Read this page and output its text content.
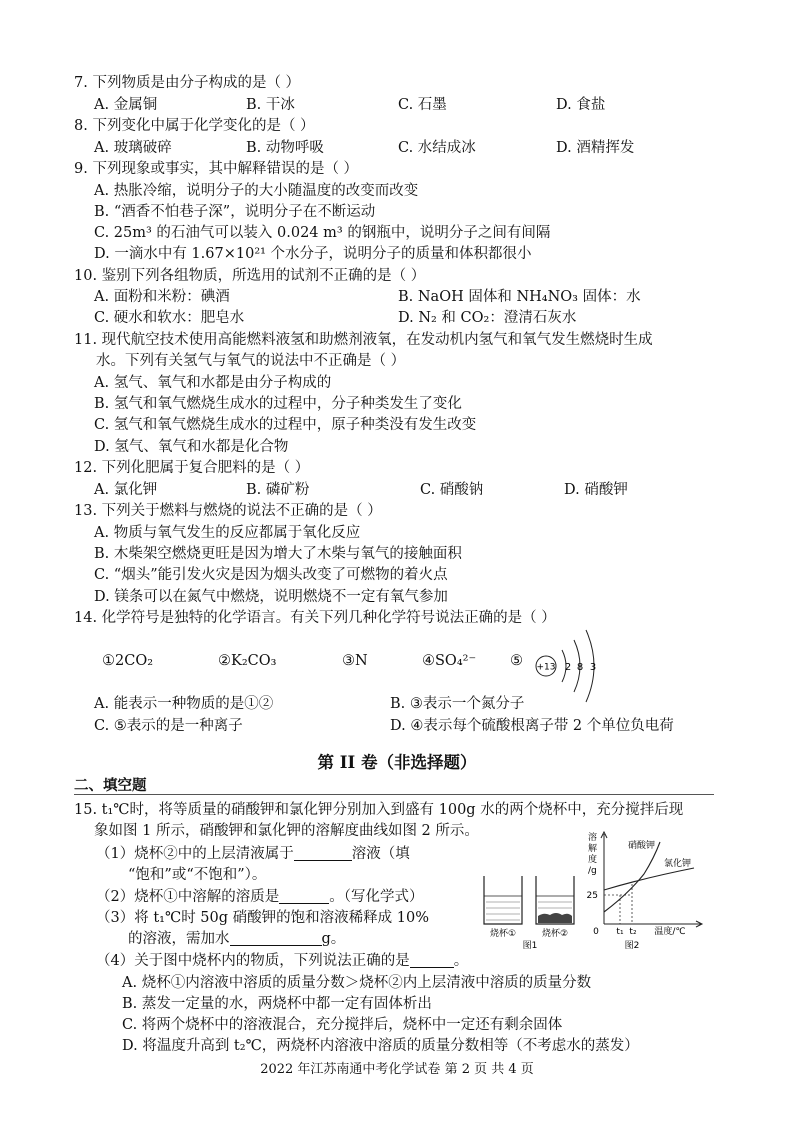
7. 下列物质是由分子构成的是（ ）
A. 金属铜	B. 干冰	C. 石墨	D. 食盐
8. 下列变化中属于化学变化的是（ ）
A. 玻璃破碎	B. 动物呼吸	C. 水结成冰	D. 酒精挥发
9. 下列现象或事实，其中解释错误的是（ ）
A. 热胀冷缩，说明分子的大小随温度的改变而改变
B. “酒香不怕巷子深”，说明分子在不断运动
C. 25m³ 的石油气可以装入 0.024 m³ 的钢瓶中，说明分子之间有间隔
D. 一滴水中有 1.67×10²¹ 个水分子，说明分子的质量和体积都很小
10. 鉴别下列各组物质，所选用的试剂不正确的是（ ）
A. 面粉和米粉：碘酒	B. NaOH 固体和 NH₄NO₃ 固体：水
C. 硬水和软水：肥皂水	D. N₂ 和 CO₂：澄清石灰水
11. 现代航空技术使用高能燃料液氢和助燃剂液氧，在发动机内氢气和氧气发生燃烧时生成
水。下列有关氢气与氧气的说法中不正确是（ ）
A. 氢气、氧气和水都是由分子构成的
B. 氢气和氧气燃烧生成水的过程中，分子种类发生了变化
C. 氢气和氧气燃烧生成水的过程中，原子种类没有发生改变
D. 氢气、氧气和水都是化合物
12. 下列化肥属于复合肥料的是（ ）
A. 氯化钾	B. 磷矿粉	C. 硝酸钠	D. 硝酸钾
13. 下列关于燃料与燃烧的说法不正确的是（ ）
A. 物质与氧气发生的反应都属于氧化反应
B. 木柴架空燃烧更旺是因为增大了木柴与氧气的接触面积
C. “烟头”能引发火灾是因为烟头改变了可燃物的着火点
D. 镁条可以在氮气中燃烧，说明燃烧不一定有氧气参加
14. 化学符号是独特的化学语言。有关下列几种化学符号说法正确的是（ ）
①2CO₂	②K₂CO₃	③N	④SO₄²⁻ ⑤ +13 2 8 3
A. 能表示一种物质的是①②	B. ③表示一个氮分子
C. ⑤表示的是一种离子	D. ④表示每个硫酸根离子带 2 个单位负电荷
第 II 卷（非选择题）
二、填空题
15. t₁℃时，将等质量的硝酸钾和氯化钾分别加入到盛有 100g 水的两个烧杯中，充分搅拌后现
象如图 1 所示，硝酸钾和氯化钾的溶解度曲线如图 2 所示。
（1）烧杯②中的上层清液属于	溶液（填
“饱和”或“不饱和”）。
（2）烧杯①中溶解的溶质是	。（写化学式）
（3）将 t₁℃时 50g 硝酸钾的饱和溶液稀释成 10%
的溶液，需加水	g。
（4）关于图中烧杯内的物质，下列说法正确的是	。
A. 烧杯①内溶液中溶质的质量分数＞烧杯②内上层清液中溶质的质量分数
B. 蒸发一定量的水，两烧杯中都一定有固体析出
C. 将两个烧杯中的溶液混合，充分搅拌后，烧杯中一定还有剩余固体
D. 将温度升高到 t₂℃，两烧杯内溶液中溶质的质量分数相等（不考虑水的蒸发）
烧杯①	烧杯②
图1
溶
解
度
/g
0
25
t₁ t₂ 温度/℃
硝酸钾
氯化钾
图2
2022 年江苏南通中考化学试卷 第 2 页 共 4 页
